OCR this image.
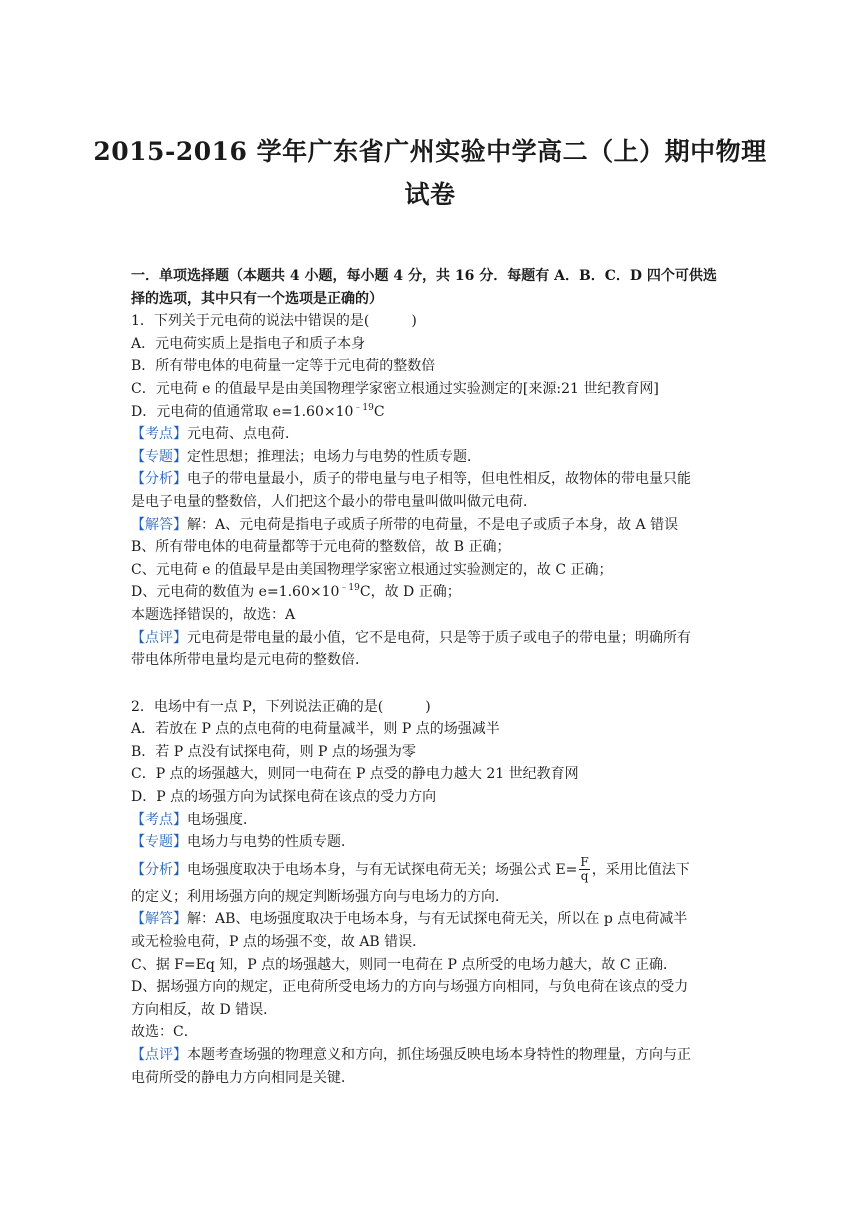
2015-2016 学年广东省广州实验中学高二（上）期中物理
试卷
一．单项选择题（本题共 4 小题，每小题 4 分，共 16 分．每题有 A．B．C．D 四个可供选
择的选项，其中只有一个选项是正确的）
1．下列关于元电荷的说法中错误的是(　　　)
A．元电荷实质上是指电子和质子本身
B．所有带电体的电荷量一定等于元电荷的整数倍
C．元电荷 e 的值最早是由美国物理学家密立根通过实验测定的[来源:21 世纪教育网]
D．元电荷的值通常取 $e=1.60\times 10^{﹣19}C$
【考点】元电荷、点电荷．
【专题】定性思想；推理法；电场力与电势的性质专题．
【分析】电子的带电量最小，质子的带电量与电子相等，但电性相反，故物体的带电量只能
是电子电量的整数倍，人们把这个最小的带电量叫做叫做元电荷．
【解答】解：A、元电荷是指电子或质子所带的电荷量，不是电子或质子本身，故 A 错误
B、所有带电体的电荷量都等于元电荷的整数倍，故 B 正确；
C、元电荷 e 的值最早是由美国物理学家密立根通过实验测定的，故 C 正确；
D、元电荷的数值为 $e=1.60\times 10^{﹣19}C$，故 D 正确；
本题选择错误的，故选：A
【点评】元电荷是带电量的最小值，它不是电荷，只是等于质子或电子的带电量；明确所有
带电体所带电量均是元电荷的整数倍．
2．电场中有一点 P，下列说法正确的是(　　　)
A．若放在 P 点的点电荷的电荷量减半，则 P 点的场强减半
B．若 P 点没有试探电荷，则 P 点的场强为零
C．P 点的场强越大，则同一电荷在 P 点受的静电力越大 21 世纪教育网
D．P 点的场强方向为试探电荷在该点的受力方向
【考点】电场强度．
【专题】电场力与电势的性质专题．
【分析】电场强度取决于电场本身，与有无试探电荷无关；场强公式 $E= \frac{F}{q}$ ，采用比值法下
的定义；利用场强方向的规定判断场强方向与电场力的方向．
【解答】解：AB、电场强度取决于电场本身，与有无试探电荷无关，所以在 p 点电荷减半
或无检验电荷，P 点的场强不变，故 AB 错误．
C、据 F=Eq 知，P 点的场强越大，则同一电荷在 P 点所受的电场力越大，故 C 正确．
D、据场强方向的规定，正电荷所受电场力的方向与场强方向相同，与负电荷在该点的受力
方向相反，故 D 错误．
故选：C．
【点评】本题考查场强的物理意义和方向，抓住场强反映电场本身特性的物理量，方向与正
电荷所受的静电力方向相同是关键．
